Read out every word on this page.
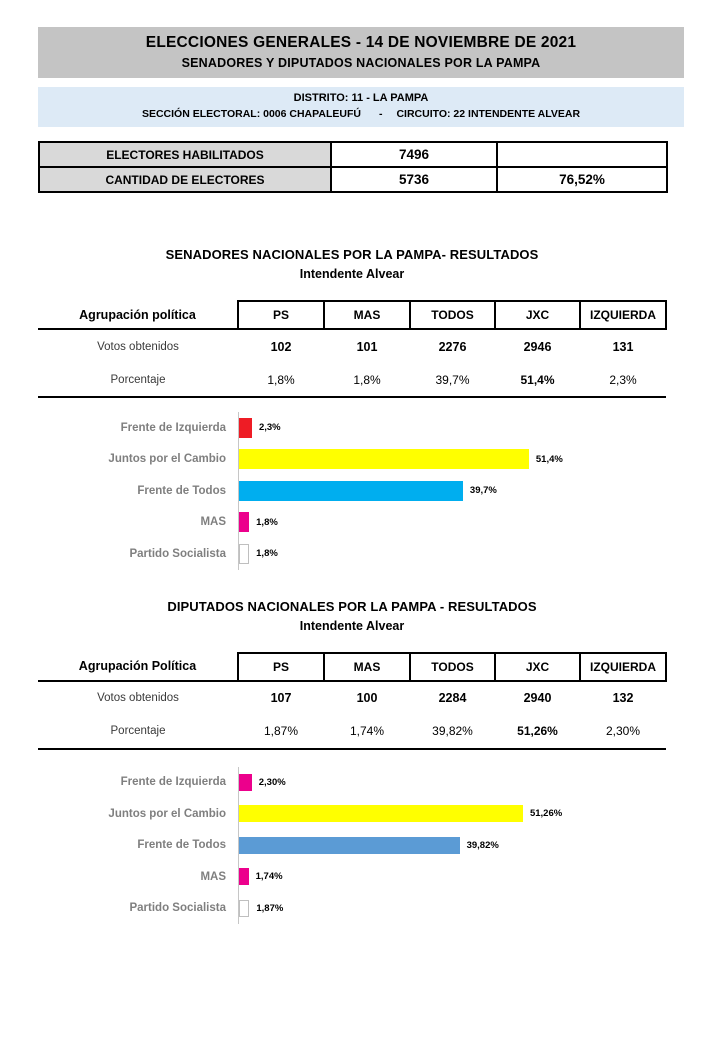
ELECCIONES GENERALES - 14 DE NOVIEMBRE DE 2021
SENADORES Y DIPUTADOS NACIONALES POR LA PAMPA
DISTRITO: 11 - LA PAMPA
SECCIÓN ELECTORAL: 0006 CHAPALEUFÚ - CIRCUITO: 22 INTENDENTE ALVEAR
ELECTORES HABILITADOS	7496	
CANTIDAD DE ELECTORES	5736	76,52%
SENADORES NACIONALES POR LA PAMPA- RESULTADOS
Intendente Alvear
Agrupación política	PS	MAS	TODOS	JXC	IZQUIERDA
Votos obtenidos	102	101	2276	2946	131
Porcentaje	1,8%	1,8%	39,7%	51,4%	2,3%
Frente de Izquierda	2,3%
Juntos por el Cambio	51,4%
Frente de Todos	39,7%
MAS	1,8%
Partido Socialista	1,8%
DIPUTADOS NACIONALES POR LA PAMPA - RESULTADOS
Intendente Alvear
Agrupación Política	PS	MAS	TODOS	JXC	IZQUIERDA
Votos obtenidos	107	100	2284	2940	132
Porcentaje	1,87%	1,74%	39,82%	51,26%	2,30%
Frente de Izquierda	2,30%
Juntos por el Cambio	51,26%
Frente de Todos	39,82%
MAS	1,74%
Partido Socialista	1,87%
